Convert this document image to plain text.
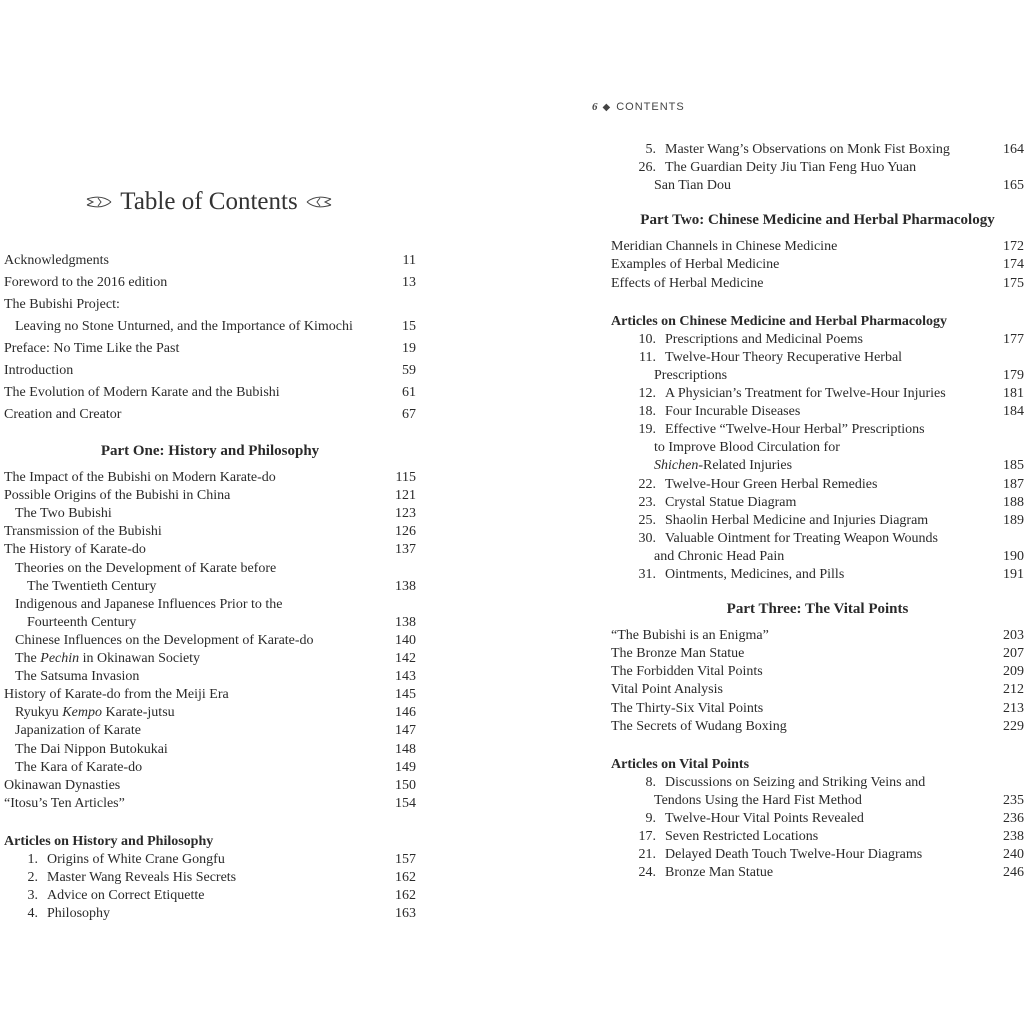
Table of Contents
Acknowledgments	11
Foreword to the 2016 edition	13
The Bubishi Project:
Leaving no Stone Unturned, and the Importance of Kimochi	15
Preface: No Time Like the Past	19
Introduction	59
The Evolution of Modern Karate and the Bubishi	61
Creation and Creator	67
Part One: History and Philosophy
The Impact of the Bubishi on Modern Karate-do	115
Possible Origins of the Bubishi in China	121
The Two Bubishi	123
Transmission of the Bubishi	126
The History of Karate-do	137
Theories on the Development of Karate before
The Twentieth Century	138
Indigenous and Japanese Influences Prior to the
Fourteenth Century	138
Chinese Influences on the Development of Karate-do	140
The Pechin in Okinawan Society	142
The Satsuma Invasion	143
History of Karate-do from the Meiji Era	145
Ryukyu Kempo Karate-jutsu	146
Japanization of Karate	147
The Dai Nippon Butokukai	148
The Kara of Karate-do	149
Okinawan Dynasties	150
“Itosu’s Ten Articles”	154
Articles on History and Philosophy
1. Origins of White Crane Gongfu	157
2. Master Wang Reveals His Secrets	162
3. Advice on Correct Etiquette	162
4. Philosophy	163
6 ◆ CONTENTS
5. Master Wang’s Observations on Monk Fist Boxing	164
26. The Guardian Deity Jiu Tian Feng Huo Yuan
San Tian Dou	165
Part Two: Chinese Medicine and Herbal Pharmacology
Meridian Channels in Chinese Medicine	172
Examples of Herbal Medicine	174
Effects of Herbal Medicine	175
Articles on Chinese Medicine and Herbal Pharmacology
10. Prescriptions and Medicinal Poems	177
11. Twelve-Hour Theory Recuperative Herbal
Prescriptions	179
12. A Physician’s Treatment for Twelve-Hour Injuries	181
18. Four Incurable Diseases	184
19. Effective “Twelve-Hour Herbal” Prescriptions
to Improve Blood Circulation for
Shichen-Related Injuries	185
22. Twelve-Hour Green Herbal Remedies	187
23. Crystal Statue Diagram	188
25. Shaolin Herbal Medicine and Injuries Diagram	189
30. Valuable Ointment for Treating Weapon Wounds
and Chronic Head Pain	190
31. Ointments, Medicines, and Pills	191
Part Three: The Vital Points
“The Bubishi is an Enigma”	203
The Bronze Man Statue	207
The Forbidden Vital Points	209
Vital Point Analysis	212
The Thirty-Six Vital Points	213
The Secrets of Wudang Boxing	229
Articles on Vital Points
8. Discussions on Seizing and Striking Veins and
Tendons Using the Hard Fist Method	235
9. Twelve-Hour Vital Points Revealed	236
17. Seven Restricted Locations	238
21. Delayed Death Touch Twelve-Hour Diagrams	240
24. Bronze Man Statue	246
